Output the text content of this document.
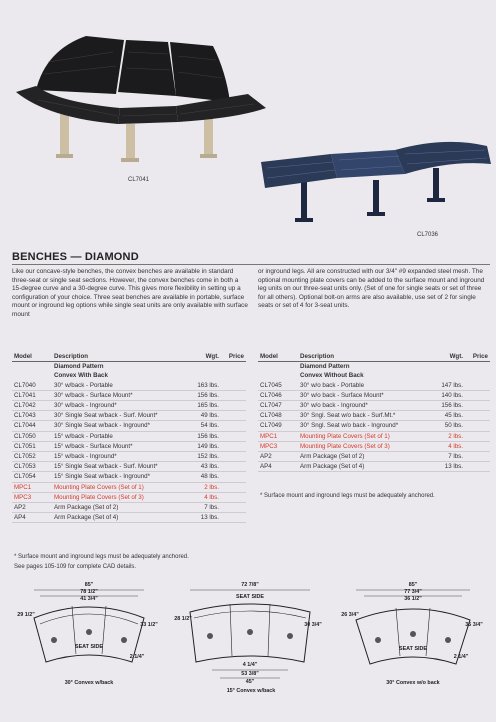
CL7041
CL7036
BENCHES — DIAMOND
Like our concave-style benches, the convex benches are available in standard three-seat or single seat sections. However, the convex benches come in both a 15-degree curve and a 30-degree curve. This gives more flexibility in setting up a configuration of your choice. Three seat benches are available in portable, surface mount or inground leg options while single seat units are only available with surface mount
or inground legs. All are constructed with our 3/4" #9 expanded steel mesh. The optional mounting plate covers can be added to the surface mount and inground leg units on our three-seat units only. (Set of one for single seats or set of three for all others). Optional bolt-on arms are also available, use set of 2 for single seats or set of 4 for 3-seat units.
Model	Description	Wgt.	Price
	Diamond Pattern		
	Convex With Back		
CL7040	30° w/back - Portable	163 lbs.	
CL7041	30° w/back - Surface Mount*	156 lbs.	
CL7042	30° w/back - Inground*	165 lbs.	
CL7043	30° Single Seat w/back - Surf. Mount*	49 lbs.	
CL7044	30° Single Seat w/back - Inground*	54 lbs.	
CL7050	15° w/back - Portable	156 lbs.	
CL7051	15° w/back - Surface Mount*	149 lbs.	
CL7052	15° w/back - Inground*	152 lbs.	
CL7053	15° Single Seat w/back - Surf. Mount*	43 lbs.	
CL7054	15° Single Seat w/back - Inground*	48 lbs.	
MPC1	Mounting Plate Covers (Set of 1)	2 lbs.	
MPC3	Mounting Plate Covers (Set of 3)	4 lbs.	
AP2	Arm Package (Set of 2)	7 lbs.	
AP4	Arm Package (Set of 4)	13 lbs.	
* Surface mount and inground legs must be adequately anchored.
See pages 105-109 for complete CAD details.
Model	Description	Wgt.	Price
	Diamond Pattern		
	Convex Without Back		
CL7045	30° w/o back - Portable	147 lbs.	
CL7046	30° w/o back - Surface Mount*	140 lbs.	
CL7047	30° w/o back - Inground*	156 lbs.	
CL7048	30° Sngl. Seat w/o back - Surf.Mt.*	45 lbs.	
CL7049	30° Sngl. Seat w/o back - Inground*	50 lbs.	
MPC1	Mounting Plate Covers (Set of 1)	2 lbs.	
MPC3	Mounting Plate Covers (Set of 3)	4 lbs.	
AP2	Arm Package (Set of 2)	7 lbs.	
AP4	Arm Package (Set of 4)	13 lbs.	
* Surface mount and inground legs must be adequately anchored.
85"
78 1/2"
41 3/4"
29 1/2"
33 1/2"
SEAT SIDE
2 1/4"
30° Convex w/back
72 7/8"
SEAT SIDE
28 1/2"
30 3/4"
4 1/4"
53 3/8"
45"
15° Convex w/back
85"
77 3/4"
36 1/2"
26 3/4"
35 3/4"
SEAT SIDE
2 1/4"
30° Convex w/o back
